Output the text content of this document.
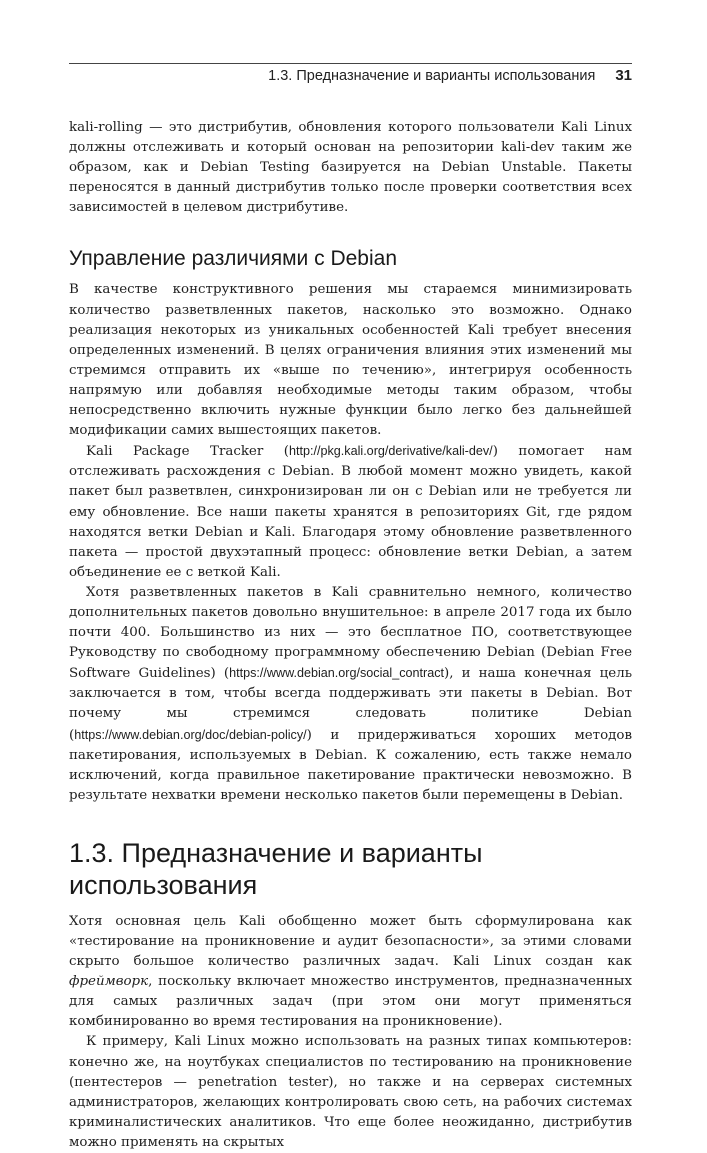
1.3. Предназначение и варианты использования 31

kali-rolling — это дистрибутив, обновления которого пользователи Kali Linux должны отслеживать и который основан на репозитории kali-dev таким же образом, как и Debian Testing базируется на Debian Unstable. Пакеты переносятся в данный дистрибутив только после проверки соответствия всех зависимостей в целевом дистрибутиве.

Управление различиями с Debian

В качестве конструктивного решения мы стараемся минимизировать количество разветвленных пакетов, насколько это возможно. Однако реализация некоторых из уникальных особенностей Kali требует внесения определенных изменений. В целях ограничения влияния этих изменений мы стремимся отправить их «выше по течению», интегрируя особенность напрямую или добавляя необходимые методы таким образом, чтобы непосредственно включить нужные функции было легко без дальнейшей модификации самих вышестоящих пакетов.

Kali Package Tracker (http://pkg.kali.org/derivative/kali-dev/) помогает нам отслеживать расхождения с Debian. В любой момент можно увидеть, какой пакет был разветвлен, синхронизирован ли он с Debian или не требуется ли ему обновление. Все наши пакеты хранятся в репозиториях Git, где рядом находятся ветки Debian и Kali. Благодаря этому обновление разветвленного пакета — простой двухэтапный процесс: обновление ветки Debian, а затем объединение ее с веткой Kali.

Хотя разветвленных пакетов в Kali сравнительно немного, количество дополнительных пакетов довольно внушительное: в апреле 2017 года их было почти 400. Большинство из них — это бесплатное ПО, соответствующее Руководству по свободному программному обеспечению Debian (Debian Free Software Guidelines) (https://www.debian.org/social_contract), и наша конечная цель заключается в том, чтобы всегда поддерживать эти пакеты в Debian. Вот почему мы стремимся следовать политике Debian (https://www.debian.org/doc/debian-policy/) и придерживаться хороших методов пакетирования, используемых в Debian. К сожалению, есть также немало исключений, когда правильное пакетирование практически невозможно. В результате нехватки времени несколько пакетов были перемещены в Debian.

1.3. Предназначение и варианты использования

Хотя основная цель Kali обобщенно может быть сформулирована как «тестирование на проникновение и аудит безопасности», за этими словами скрыто большое количество различных задач. Kali Linux создан как фреймворк, поскольку включает множество инструментов, предназначенных для самых различных задач (при этом они могут применяться комбинированно во время тестирования на проникновение).

К примеру, Kali Linux можно использовать на разных типах компьютеров: конечно же, на ноутбуках специалистов по тестированию на проникновение (пентестеров — penetration tester), но также и на серверах системных администраторов, желающих контролировать свою сеть, на рабочих системах криминалистических аналитиков. Что еще более неожиданно, дистрибутив можно применять на скрытых
